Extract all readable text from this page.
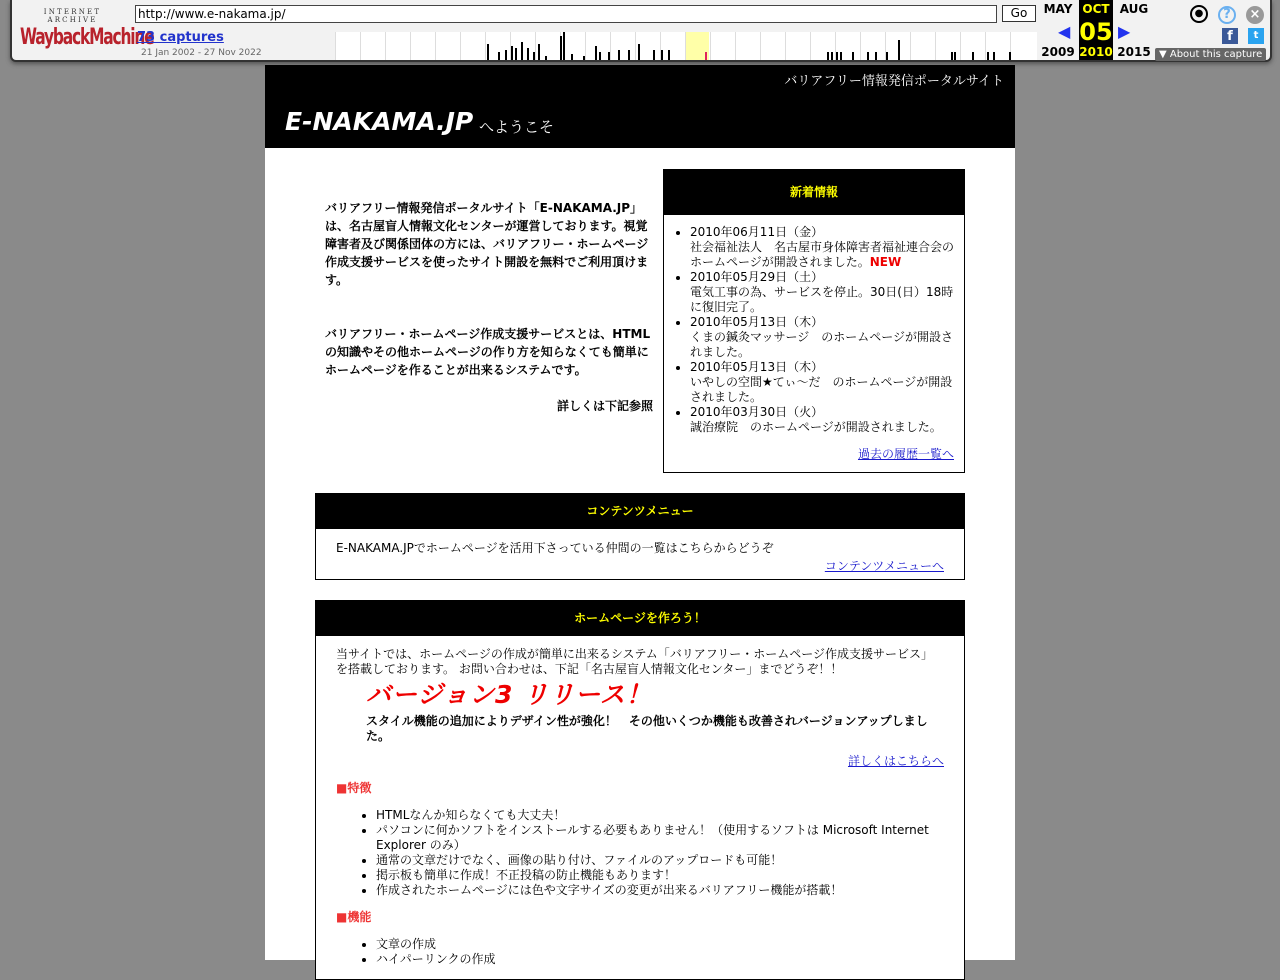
INTERNET ARCHIVE
WaybackMachine
http://www.e-nakama.jp/	Go
73 captures
21 Jan 2002 - 27 Nov 2022
MAY
2009
◀
OCT
05
2010
▶
AUG
2015
●	?	×
f	t
▼ About this capture
バリアフリー情報発信ポータルサイト
E-NAKAMA.JP へようこそ

バリアフリー情報発信ポータルサイト「E-NAKAMA.JP」は、名古屋盲人情報文化センターが運営しております。視覚障害者及び関係団体の方には、バリアフリー・ホームページ作成支援サービスを使ったサイト開設を無料でご利用頂けます。

バリアフリー・ホームページ作成支援サービスとは、HTMLの知識やその他ホームページの作り方を知らなくても簡単にホームページを作ることが出来るシステムです。

詳しくは下記参照
新着情報
• 2010年06月11日（金）
社会福祉法人　名古屋市身体障害者福祉連合会のホームページが開設されました。NEW
• 2010年05月29日（土）
電気工事の為、サービスを停止。30日(日）18時に復旧完了。
• 2010年05月13日（木）
くまの鍼灸マッサージ　のホームページが開設されました。
• 2010年05月13日（木）
いやしの空間★てぃ～だ　のホームページが開設されました。
• 2010年03月30日（火）
誠治療院　のホームページが開設されました。
過去の履歴一覧へ
コンテンツメニュー
E-NAKAMA.JPでホームページを活用下さっている仲間の一覧はこちらからどうぞ
コンテンツメニューへ
ホームページを作ろう！
当サイトでは、ホームページの作成が簡単に出来るシステム「バリアフリー・ホームページ作成支援サービス」を搭載しております。 お問い合わせは、下記「名古屋盲人情報文化センター」までどうぞ！！
バージョン3 リリース！
スタイル機能の追加によりデザイン性が強化！　その他いくつか機能も改善されバージョンアップしました。
詳しくはこちらへ
■特徴
• HTMLなんか知らなくても大丈夫！
• パソコンに何かソフトをインストールする必要もありません！（使用するソフトは Microsoft Internet Explorer のみ）
• 通常の文章だけでなく、画像の貼り付け、ファイルのアップロードも可能！
• 掲示板も簡単に作成！不正投稿の防止機能もあります！
• 作成されたホームページには色や文字サイズの変更が出来るバリアフリー機能が搭載！
■機能
• 文章の作成
• ハイパーリンクの作成
